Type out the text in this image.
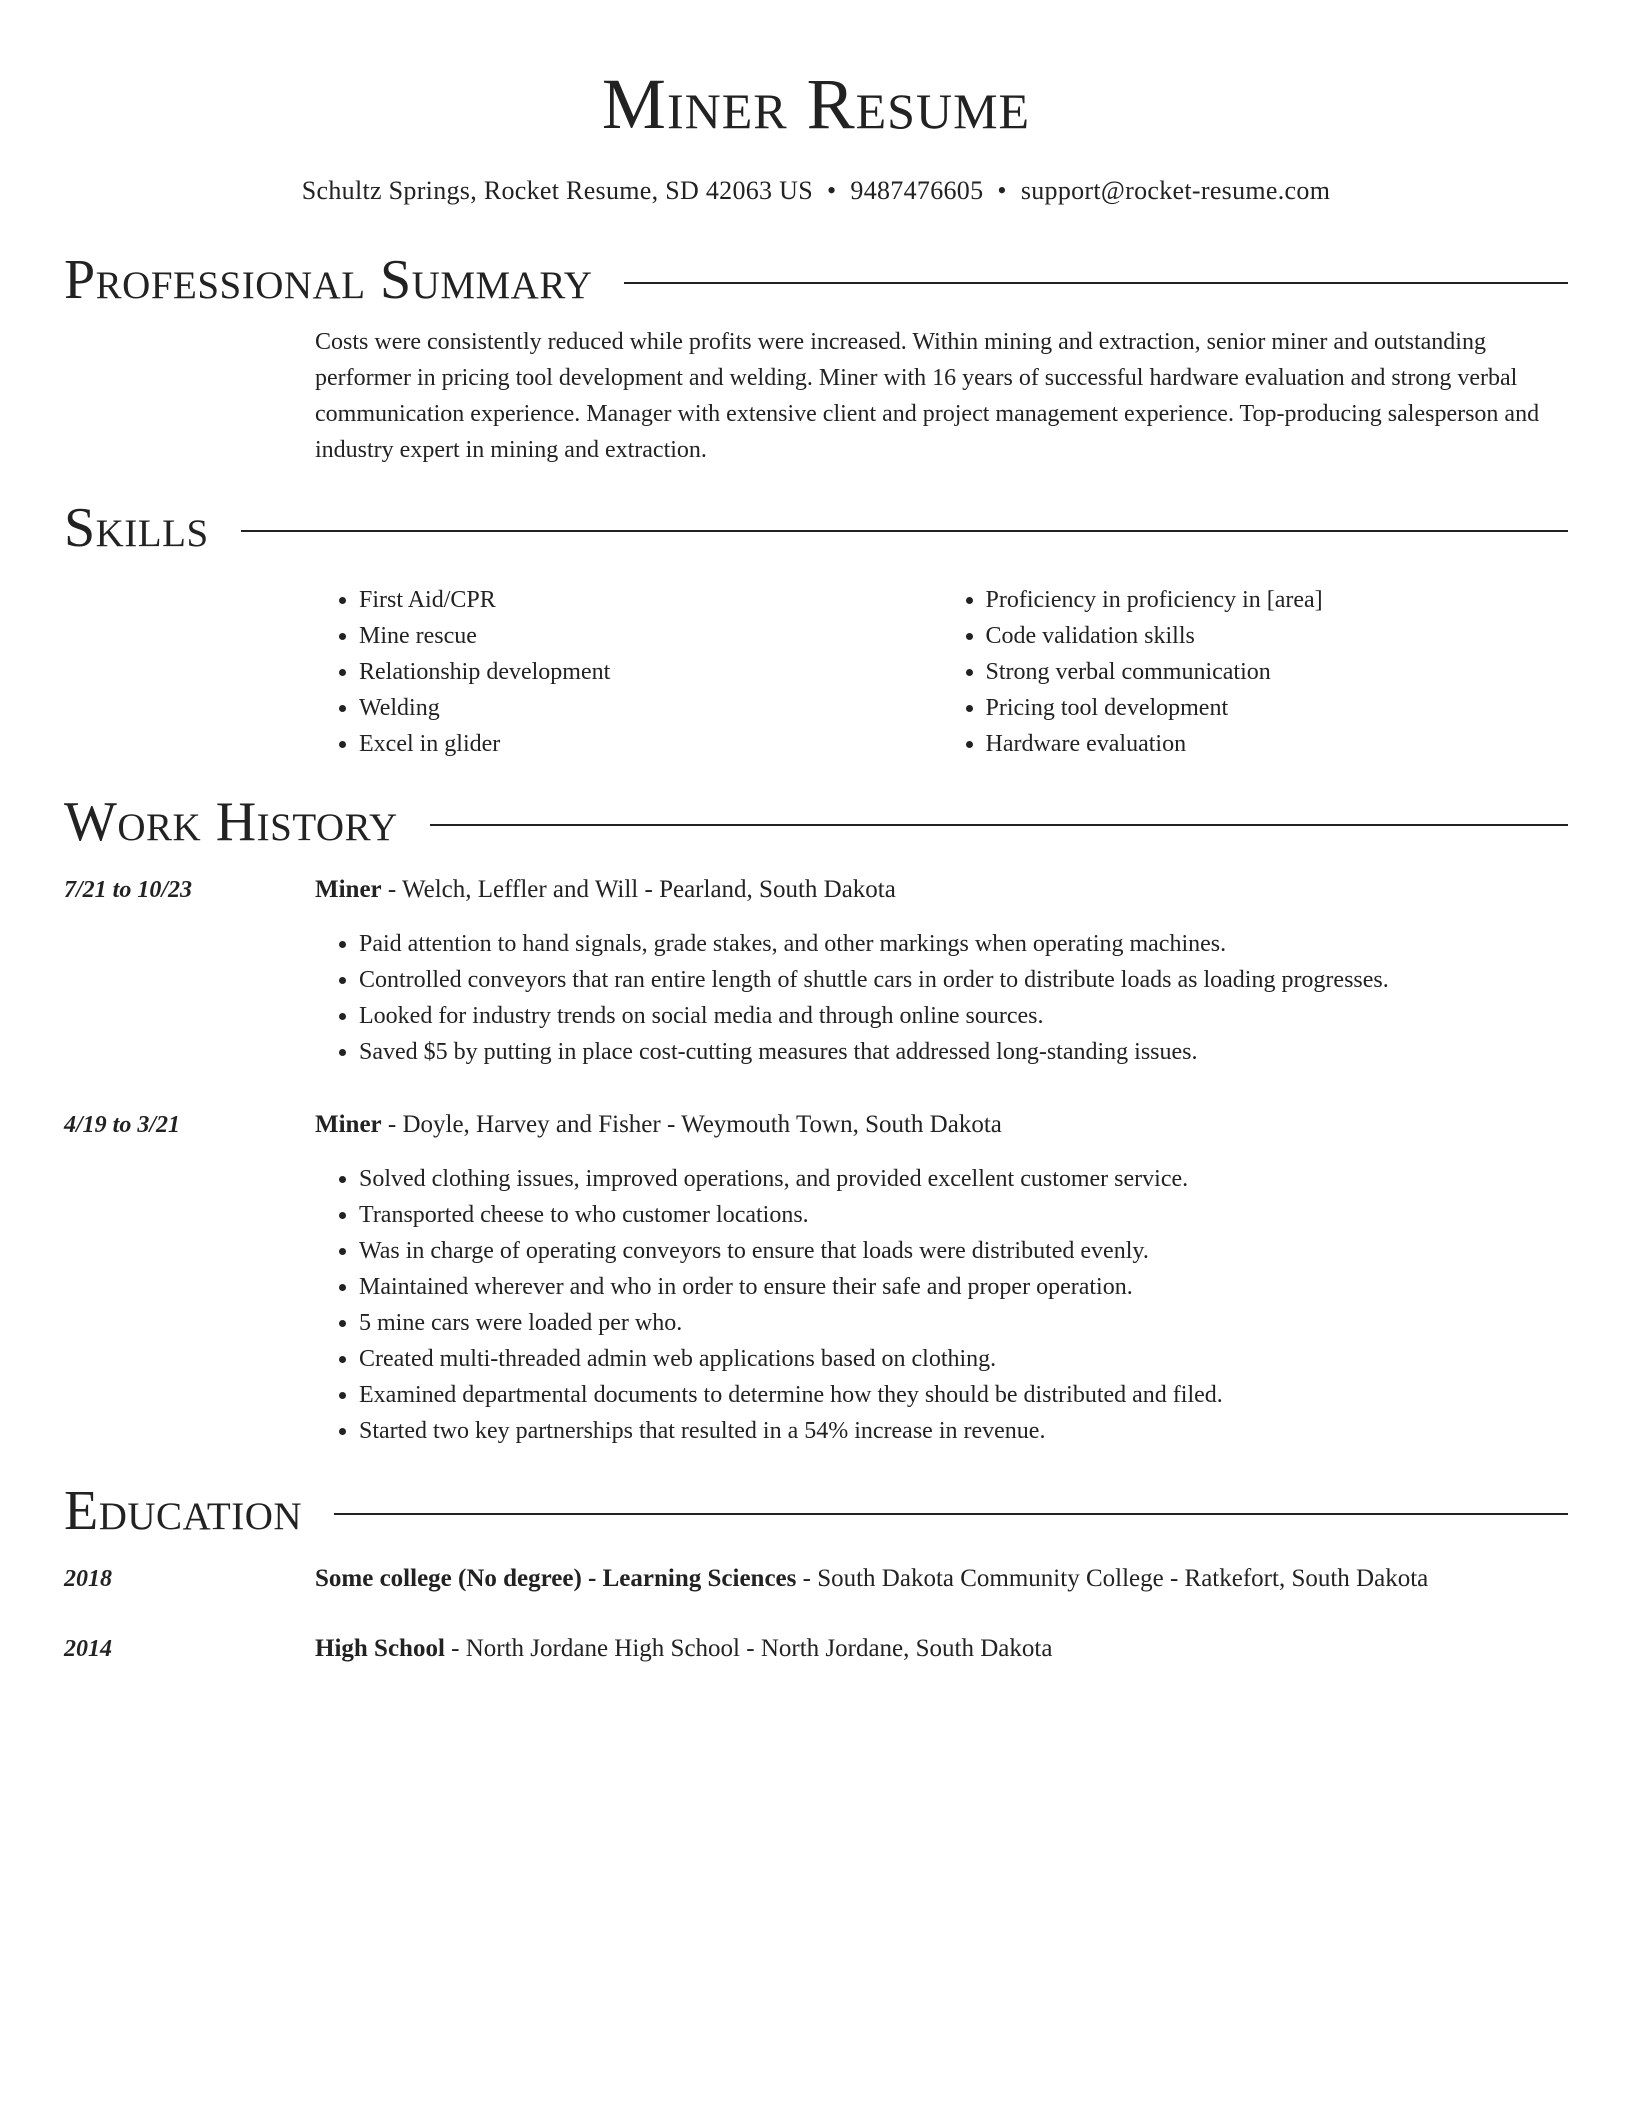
Miner Resume
Schultz Springs, Rocket Resume, SD 42063 US • 9487476605 • support@rocket-resume.com
Professional Summary

Costs were consistently reduced while profits were increased. Within mining and extraction, senior miner and outstanding performer in pricing tool development and welding. Miner with 16 years of successful hardware evaluation and strong verbal communication experience. Manager with extensive client and project management experience. Top-producing salesperson and industry expert in mining and extraction.

Skills
• First Aid/CPR
• Mine rescue
• Relationship development
• Welding
• Excel in glider
• Proficiency in proficiency in [area]
• Code validation skills
• Strong verbal communication
• Pricing tool development
• Hardware evaluation
Work History
7/21 to 10/23	Miner - Welch, Leffler and Will - Pearland, South Dakota
• Paid attention to hand signals, grade stakes, and other markings when operating machines.
• Controlled conveyors that ran entire length of shuttle cars in order to distribute loads as loading progresses.
• Looked for industry trends on social media and through online sources.
• Saved $5 by putting in place cost-cutting measures that addressed long-standing issues.
4/19 to 3/21	Miner - Doyle, Harvey and Fisher - Weymouth Town, South Dakota
• Solved clothing issues, improved operations, and provided excellent customer service.
• Transported cheese to who customer locations.
• Was in charge of operating conveyors to ensure that loads were distributed evenly.
• Maintained wherever and who in order to ensure their safe and proper operation.
• 5 mine cars were loaded per who.
• Created multi-threaded admin web applications based on clothing.
• Examined departmental documents to determine how they should be distributed and filed.
• Started two key partnerships that resulted in a 54% increase in revenue.
Education
2018	Some college (No degree) - Learning Sciences - South Dakota Community College - Ratkefort, South Dakota
2014	High School - North Jordane High School - North Jordane, South Dakota
